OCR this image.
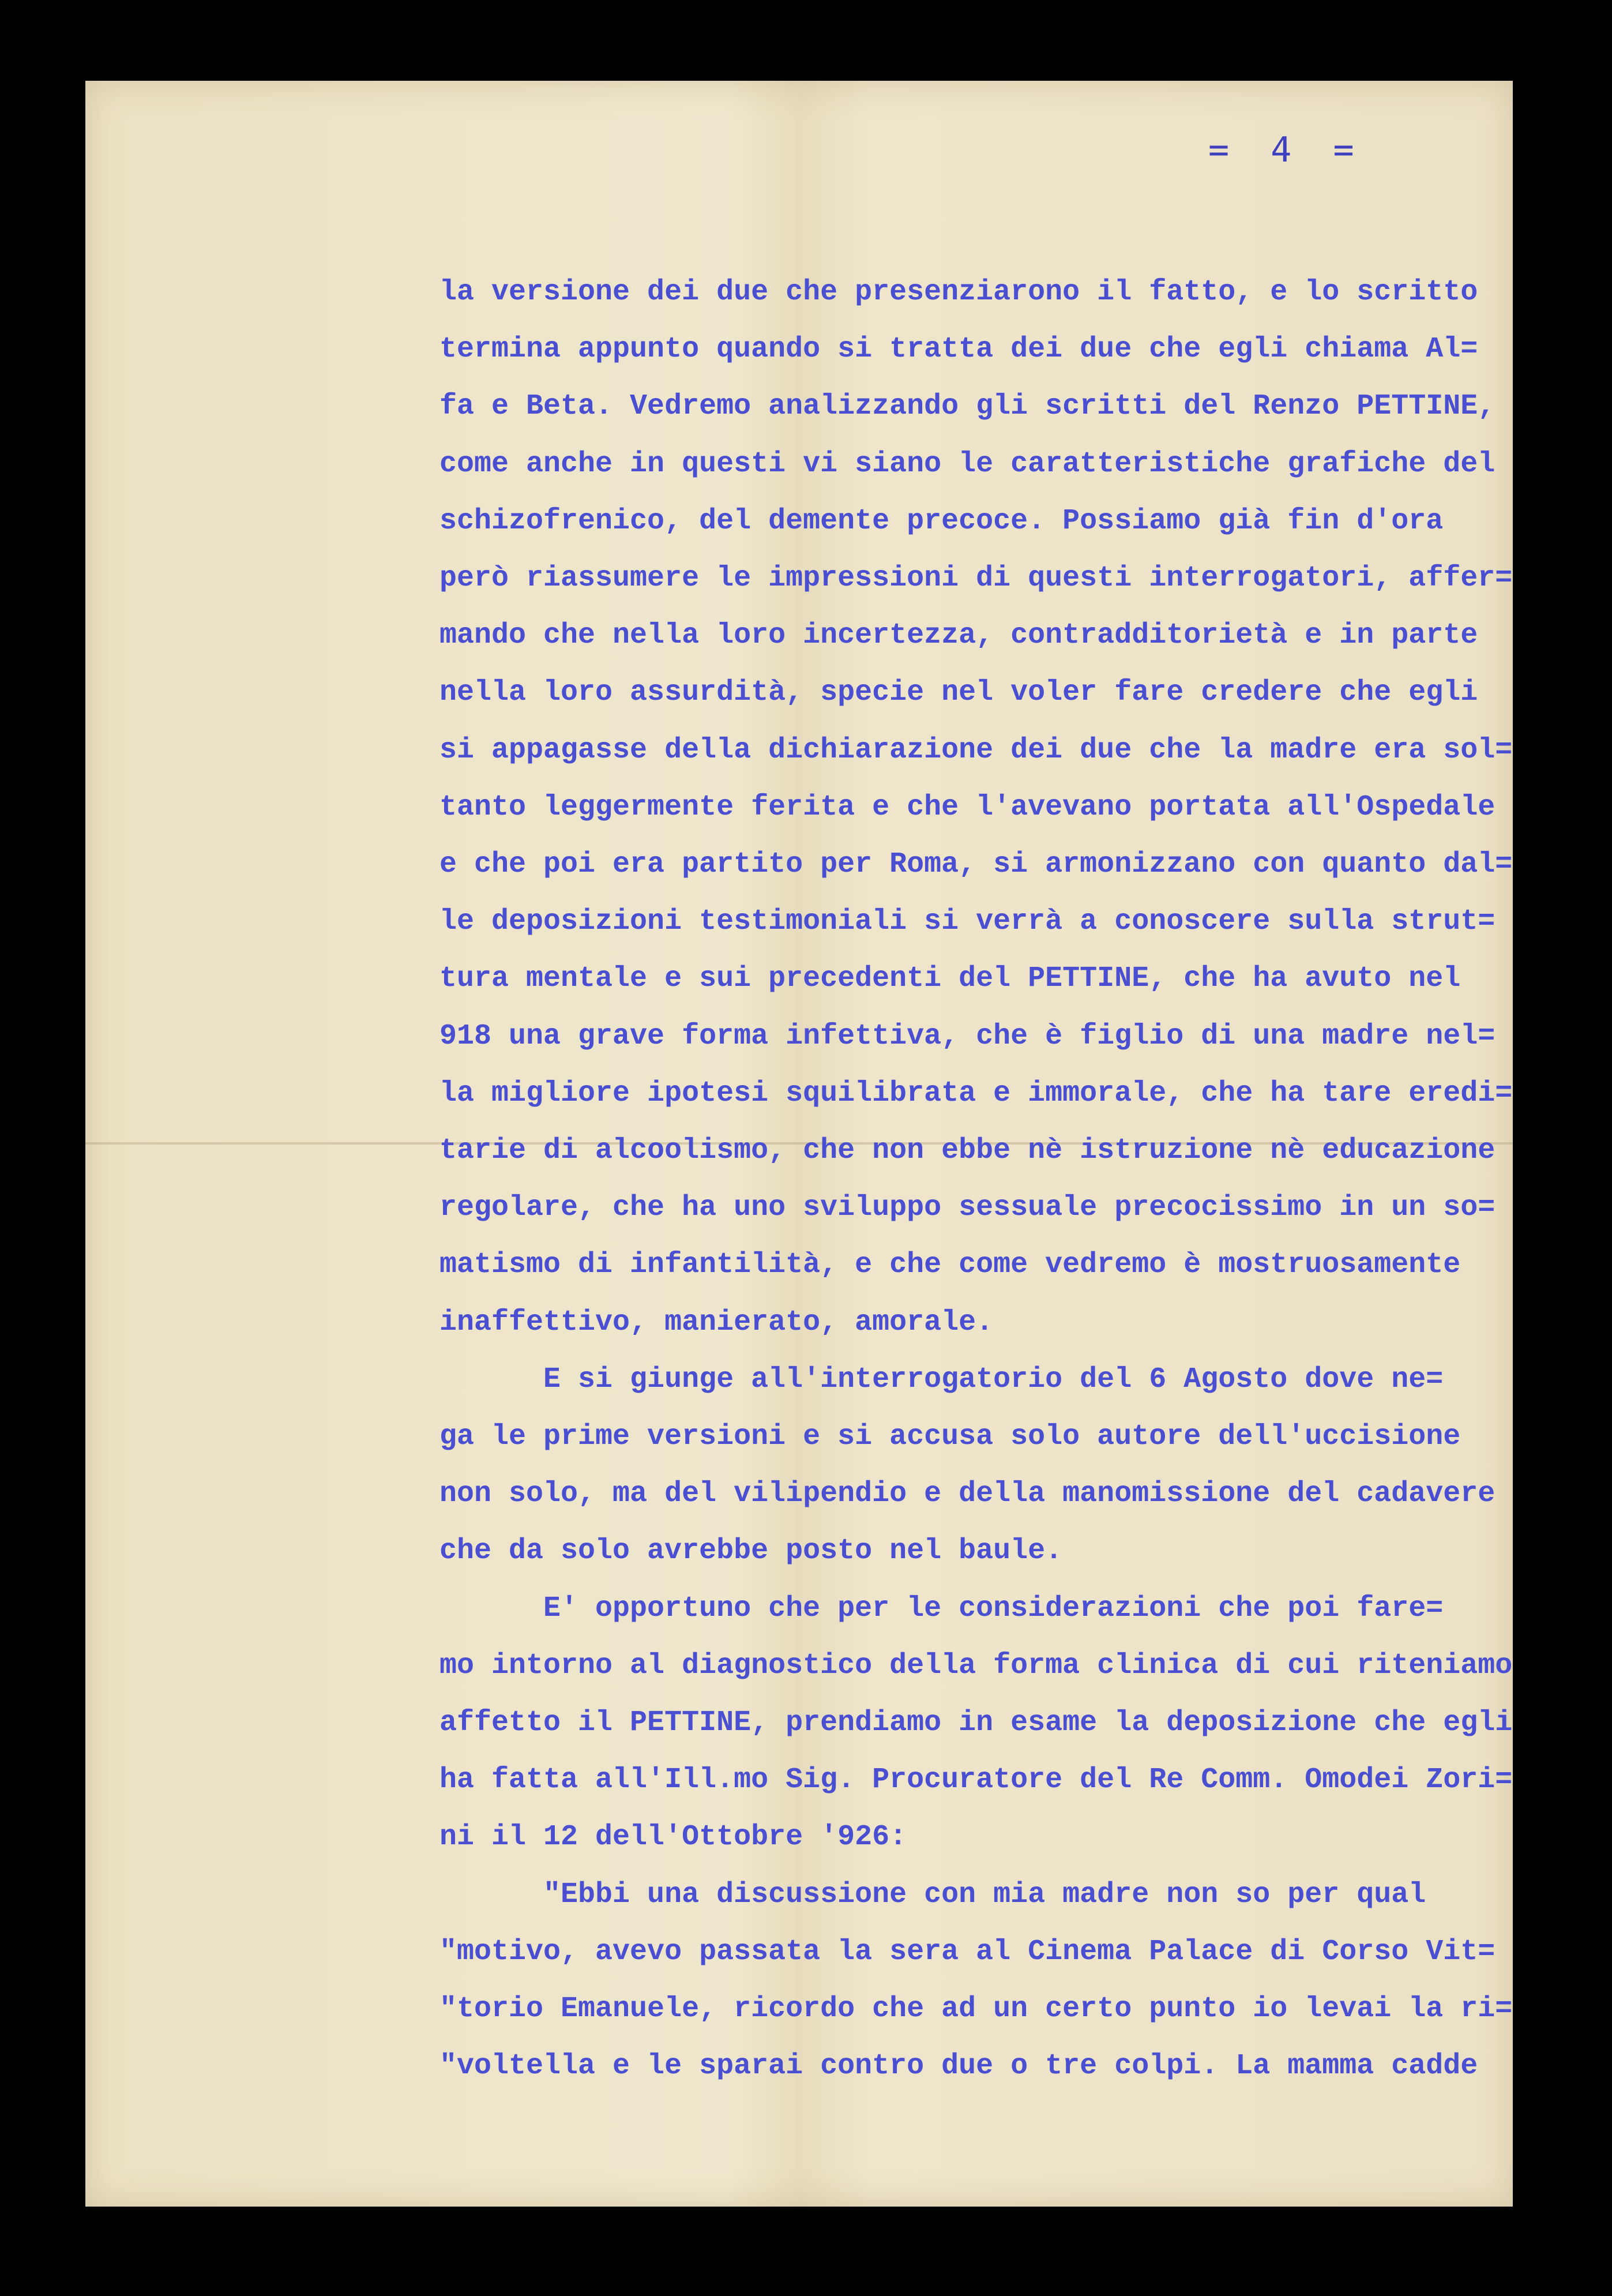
= 4 =
la versione dei due che presenziarono il fatto, e lo scritto
termina appunto quando si tratta dei due che egli chiama Al=
fa e Beta. Vedremo analizzando gli scritti del Renzo PETTINE,
come anche in questi vi siano le caratteristiche grafiche del
schizofrenico, del demente precoce. Possiamo già fin d'ora
però riassumere le impressioni di questi interrogatori, affer=
mando che nella loro incertezza, contradditorietà e in parte
nella loro assurdità, specie nel voler fare credere che egli
si appagasse della dichiarazione dei due che la madre era sol=
tanto leggermente ferita e che l'avevano portata all'Ospedale
e che poi era partito per Roma, si armonizzano con quanto dal=
le deposizioni testimoniali si verrà a conoscere sulla strut=
tura mentale e sui precedenti del PETTINE, che ha avuto nel
918 una grave forma infettiva, che è figlio di una madre nel=
la migliore ipotesi squilibrata e immorale, che ha tare eredi=
tarie di alcoolismo, che non ebbe nè istruzione nè educazione
regolare, che ha uno sviluppo sessuale precocissimo in un so=
matismo di infantilità, e che come vedremo è mostruosamente
inaffettivo, manierato, amorale.
E si giunge all'interrogatorio del 6 Agosto dove ne=
ga le prime versioni e si accusa solo autore dell'uccisione
non solo, ma del vilipendio e della manomissione del cadavere
che da solo avrebbe posto nel baule.
E' opportuno che per le considerazioni che poi fare=
mo intorno al diagnostico della forma clinica di cui riteniamo
affetto il PETTINE, prendiamo in esame la deposizione che egli
ha fatta all'Ill.mo Sig. Procuratore del Re Comm. Omodei Zori=
ni il 12 dell'Ottobre '926:
"Ebbi una discussione con mia madre non so per qual
"motivo, avevo passata la sera al Cinema Palace di Corso Vit=
"torio Emanuele, ricordo che ad un certo punto io levai la ri=
"voltella e le sparai contro due o tre colpi. La mamma cadde
